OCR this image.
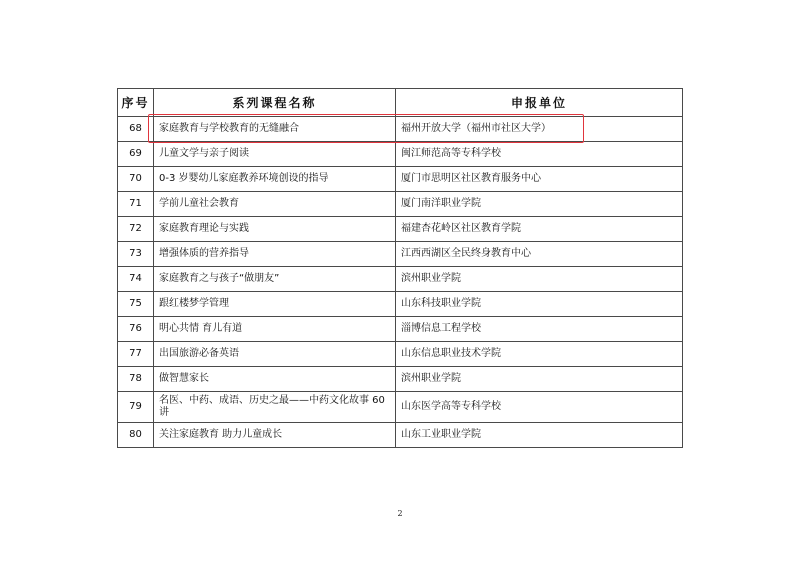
序号	系列课程名称	申报单位
68	家庭教育与学校教育的无缝融合	福州开放大学（福州市社区大学）
69	儿童文学与亲子阅读	闽江师范高等专科学校
70	0-3 岁婴幼儿家庭教养环境创设的指导	厦门市思明区社区教育服务中心
71	学前儿童社会教育	厦门南洋职业学院
72	家庭教育理论与实践	福建杏花岭区社区教育学院
73	增强体质的营养指导	江西西湖区全民终身教育中心
74	家庭教育之与孩子“做朋友”	滨州职业学院
75	跟红楼梦学管理	山东科技职业学院
76	明心共情 育儿有道	淄博信息工程学校
77	出国旅游必备英语	山东信息职业技术学院
78	做智慧家长	滨州职业学院
79	名医、中药、成语、历史之最——中药文化故事 60 讲	山东医学高等专科学校
80	关注家庭教育 助力儿童成长	山东工业职业学院
2
